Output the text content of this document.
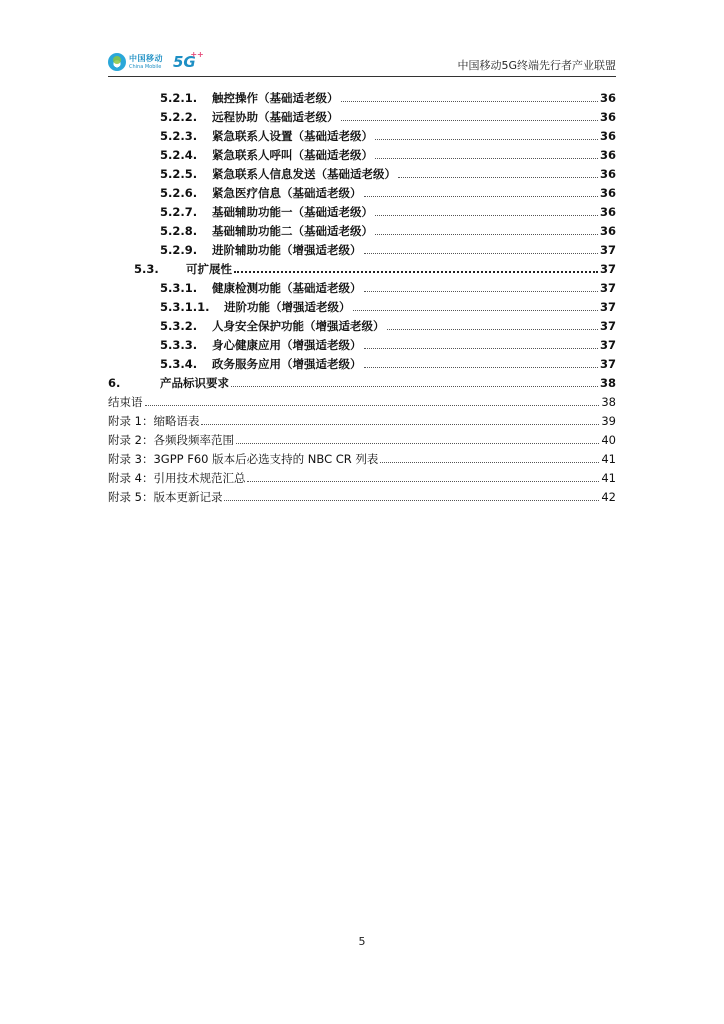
中国移动
China Mobile 5G
++
中国移动5G终端先行者产业联盟
5.2.1.	触控操作（基础适老级）	36
5.2.2.	远程协助（基础适老级）	36
5.2.3.	紧急联系人设置（基础适老级）	36
5.2.4.	紧急联系人呼叫（基础适老级）	36
5.2.5.	紧急联系人信息发送（基础适老级）	36
5.2.6.	紧急医疗信息（基础适老级）	36
5.2.7.	基础辅助功能一（基础适老级）	36
5.2.8.	基础辅助功能二（基础适老级）	36
5.2.9.	进阶辅助功能（增强适老级）	37
5.3.	可扩展性	37
5.3.1.	健康检测功能（基础适老级）	37
5.3.1.1.	进阶功能（增强适老级）	37
5.3.2.	人身安全保护功能（增强适老级）	37
5.3.3.	身心健康应用（增强适老级）	37
5.3.4.	政务服务应用（增强适老级）	37
6.	产品标识要求	38
结束语	38
附录 1：缩略语表	39
附录 2：各频段频率范围	40
附录 3：3GPP F60 版本后必选支持的 NBC CR 列表	41
附录 4：引用技术规范汇总	41
附录 5：版本更新记录	42
5
